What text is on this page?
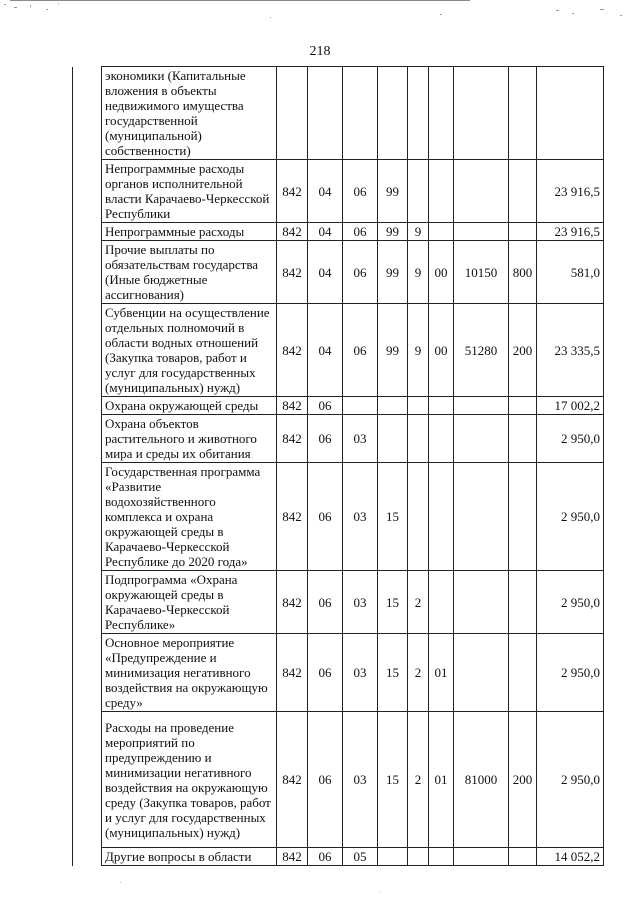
218
	экономики (Капитальные вложения в объекты недвижимого имущества государственной (муниципальной) собственности)									
	Непрограммные расходы органов исполнительной власти Карачаево-Черкесской Республики	842	04	06	99					23 916,5
	Непрограммные расходы	842	04	06	99	9				23 916,5
	Прочие выплаты по обязательствам государства (Иные бюджетные ассигнования)	842	04	06	99	9	00	10150	800	581,0
	Субвенции на осуществление отдельных полномочий в области водных отношений (Закупка товаров, работ и услуг для государственных (муниципальных) нужд)	842	04	06	99	9	00	51280	200	23 335,5
	Охрана окружающей среды	842	06							17 002,2
	Охрана объектов растительного и животного мира и среды их обитания	842	06	03						2 950,0
	Государственная программа «Развитие водохозяйственного комплекса и охрана окружающей среды в Карачаево-Черкесской Республике до 2020 года»	842	06	03	15					2 950,0
	Подпрограмма «Охрана окружающей среды в Карачаево-Черкесской Республике»	842	06	03	15	2				2 950,0
	Основное мероприятие «Предупреждение и минимизация негативного воздействия на окружающую среду»	842	06	03	15	2	01			2 950,0
	Расходы на проведение мероприятий по предупреждению и минимизации негативного воздействия на окружающую среду (Закупка товаров, работ и услуг для государственных (муниципальных) нужд)	842	06	03	15	2	01	81000	200	2 950,0
	Другие вопросы в области	842	06	05						14 052,2
